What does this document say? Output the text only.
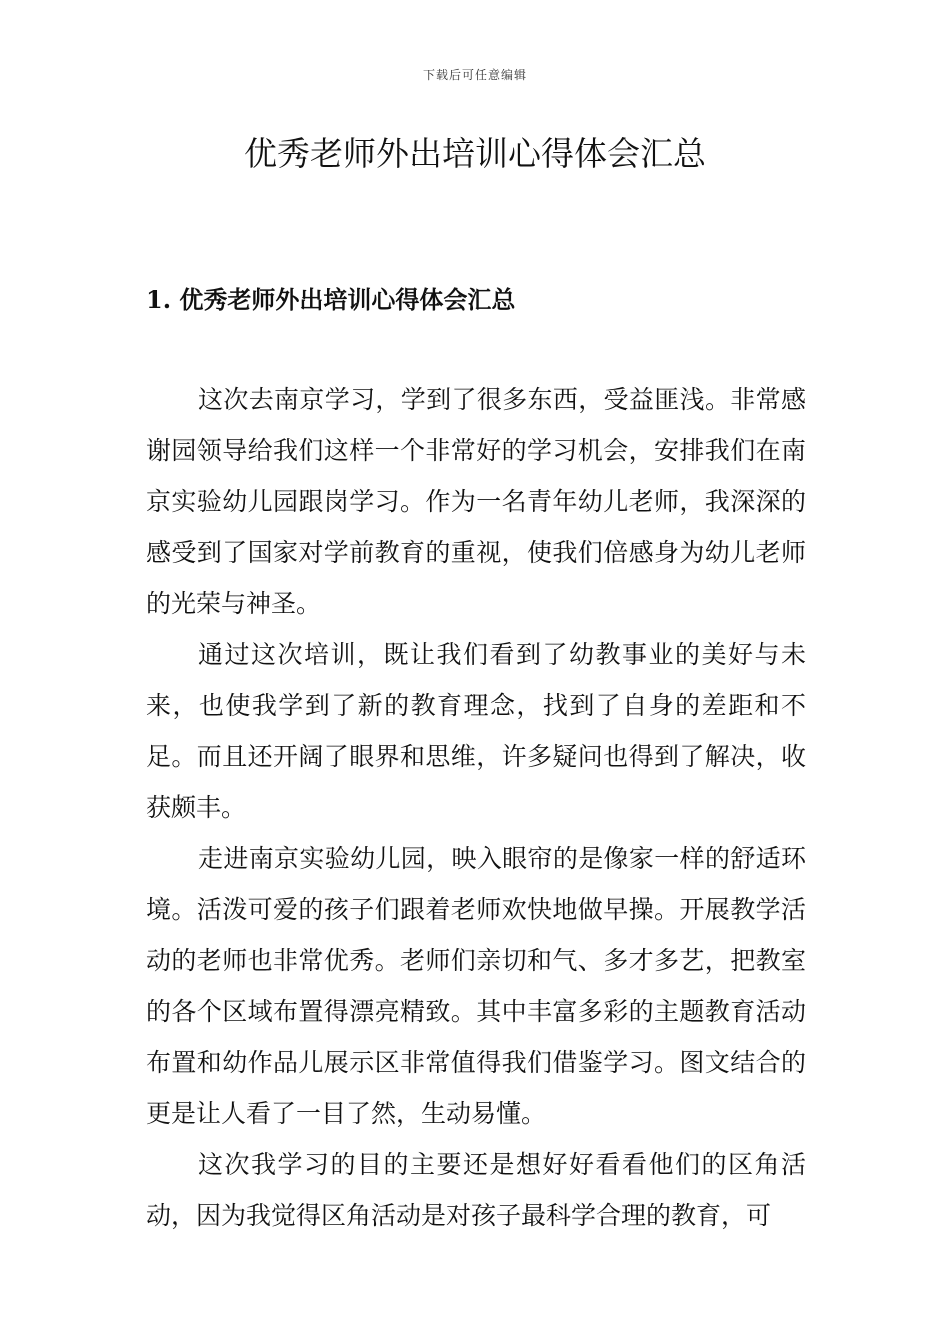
下载后可任意编辑
优秀老师外出培训心得体会汇总
1. 优秀老师外出培训心得体会汇总

这次去南京学习，学到了很多东西，受益匪浅。非常感谢园领导给我们这样一个非常好的学习机会，安排我们在南京实验幼儿园跟岗学习。作为一名青年幼儿老师，我深深的感受到了国家对学前教育的重视，使我们倍感身为幼儿老师的光荣与神圣。

通过这次培训，既让我们看到了幼教事业的美好与未来，也使我学到了新的教育理念，找到了自身的差距和不足。而且还开阔了眼界和思维，许多疑问也得到了解决，收获颇丰。

走进南京实验幼儿园，映入眼帘的是像家一样的舒适环境。活泼可爱的孩子们跟着老师欢快地做早操。开展教学活动的老师也非常优秀。老师们亲切和气、多才多艺，把教室的各个区域布置得漂亮精致。其中丰富多彩的主题教育活动布置和幼作品儿展示区非常值得我们借鉴学习。图文结合的更是让人看了一目了然，生动易懂。

这次我学习的目的主要还是想好好看看他们的区角活动，因为我觉得区角活动是对孩子最科学合理的教育，可
